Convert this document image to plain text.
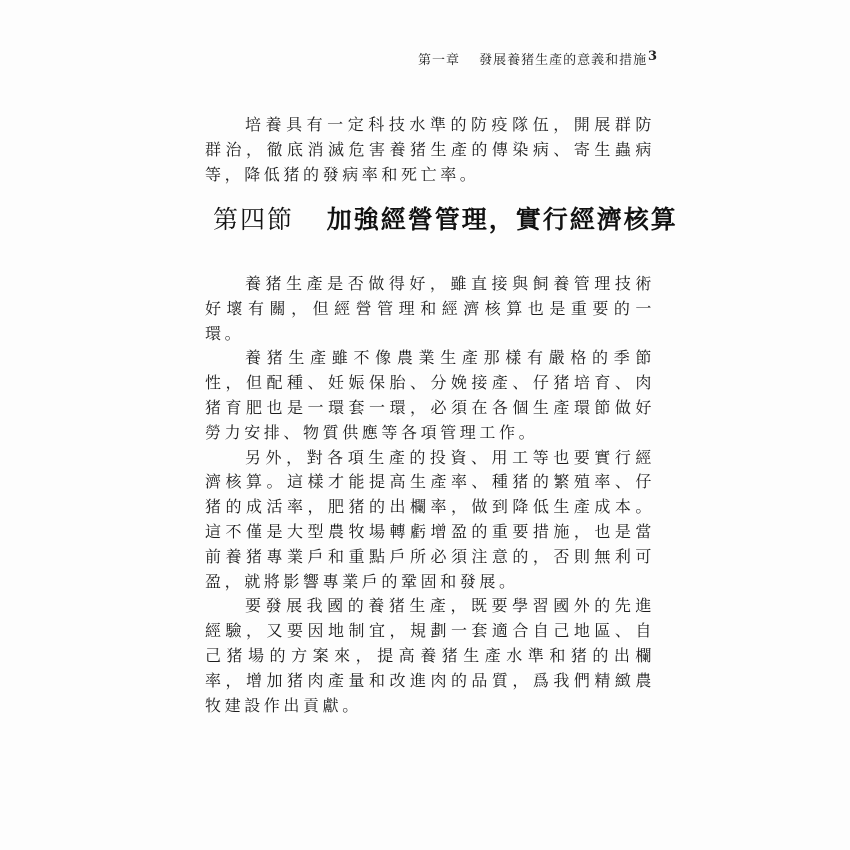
第一章 發展養猪生產的意義和措施 3

培養具有一定科技水準的防疫隊伍，開展群防群治，徹底消滅危害養猪生產的傳染病、寄生蟲病等，降低猪的發病率和死亡率。

第四節 加強經營管理，實行經濟核算

養猪生產是否做得好，雖直接與飼養管理技術好壞有關，但經營管理和經濟核算也是重要的一環。

養猪生產雖不像農業生產那樣有嚴格的季節性，但配種、妊娠保胎、分娩接產、仔猪培育、肉猪育肥也是一環套一環，必須在各個生產環節做好勞力安排、物質供應等各項管理工作。

另外，對各項生產的投資、用工等也要實行經濟核算。這樣才能提高生產率、種猪的繁殖率、仔猪的成活率，肥猪的出欄率，做到降低生產成本。這不僅是大型農牧場轉虧增盈的重要措施，也是當前養猪專業戶和重點戶所必須注意的，否則無利可盈，就將影響專業戶的鞏固和發展。

要發展我國的養猪生產，既要學習國外的先進經驗，又要因地制宜，規劃一套適合自己地區、自己猪場的方案來，提高養猪生產水準和猪的出欄率，增加猪肉產量和改進肉的品質，爲我們精緻農牧建設作出貢獻。
